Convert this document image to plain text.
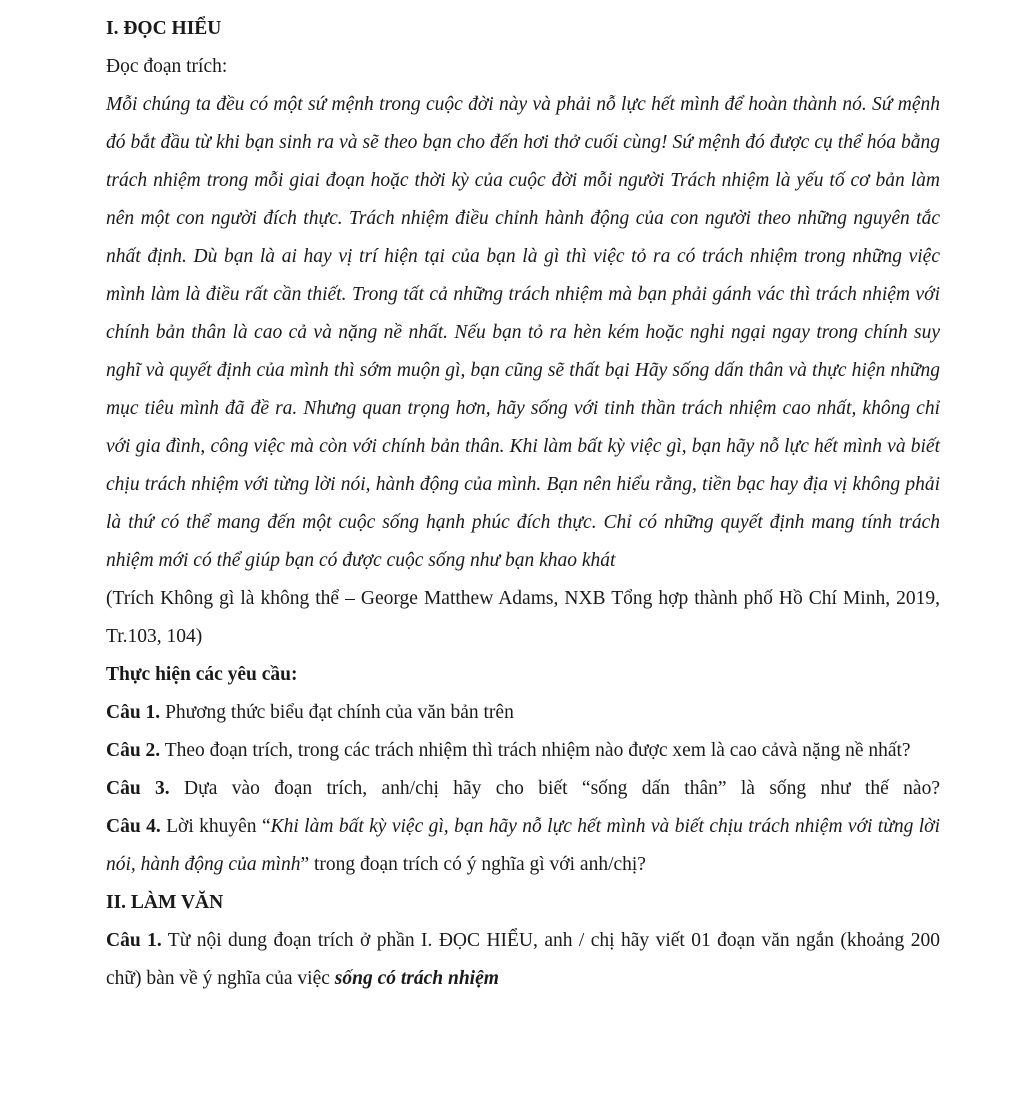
I. ĐỌC HIỂU

Đọc đoạn trích:

Mỗi chúng ta đều có một sứ mệnh trong cuộc đời này và phải nỗ lực hết mình để hoàn thành nó. Sứ mệnh đó bắt đầu từ khi bạn sinh ra và sẽ theo bạn cho đến hơi thở cuối cùng! Sứ mệnh đó được cụ thể hóa bằng trách nhiệm trong mỗi giai đoạn hoặc thời kỳ của cuộc đời mỗi người Trách nhiệm là yếu tố cơ bản làm nên một con người đích thực. Trách nhiệm điều chỉnh hành động của con người theo những nguyên tắc nhất định. Dù bạn là ai hay vị trí hiện tại của bạn là gì thì việc tỏ ra có trách nhiệm trong những việc mình làm là điều rất cần thiết. Trong tất cả những trách nhiệm mà bạn phải gánh vác thì trách nhiệm với chính bản thân là cao cả và nặng nề nhất. Nếu bạn tỏ ra hèn kém hoặc nghi ngại ngay trong chính suy nghĩ và quyết định của mình thì sớm muộn gì, bạn cũng sẽ thất bại Hãy sống dấn thân và thực hiện những mục tiêu mình đã đề ra. Nhưng quan trọng hơn, hãy sống với tinh thần trách nhiệm cao nhất, không chỉ với gia đình, công việc mà còn với chính bản thân. Khi làm bất kỳ việc gì, bạn hãy nỗ lực hết mình và biết chịu trách nhiệm với từng lời nói, hành động của mình. Bạn nên hiểu rằng, tiền bạc hay địa vị không phải là thứ có thể mang đến một cuộc sống hạnh phúc đích thực. Chỉ có những quyết định mang tính trách nhiệm mới có thể giúp bạn có được cuộc sống như bạn khao khát

(Trích Không gì là không thể – George Matthew Adams, NXB Tổng hợp thành phố Hồ Chí Minh, 2019, Tr.103, 104)

Thực hiện các yêu cầu:

Câu 1. Phương thức biểu đạt chính của văn bản trên

Câu 2. Theo đoạn trích, trong các trách nhiệm thì trách nhiệm nào được xem là cao cảvà nặng nề nhất?

Câu 3. Dựa vào đoạn trích, anh/chị hãy cho biết “sống dấn thân” là sống như thế nào?

Câu 4. Lời khuyên “Khi làm bất kỳ việc gì, bạn hãy nỗ lực hết mình và biết chịu trách nhiệm với từng lời nói, hành động của mình” trong đoạn trích có ý nghĩa gì với anh/chị?

II. LÀM VĂN

Câu 1. Từ nội dung đoạn trích ở phần I. ĐỌC HIỂU, anh / chị hãy viết 01 đoạn văn ngắn (khoảng 200 chữ) bàn về ý nghĩa của việc sống có trách nhiệm
